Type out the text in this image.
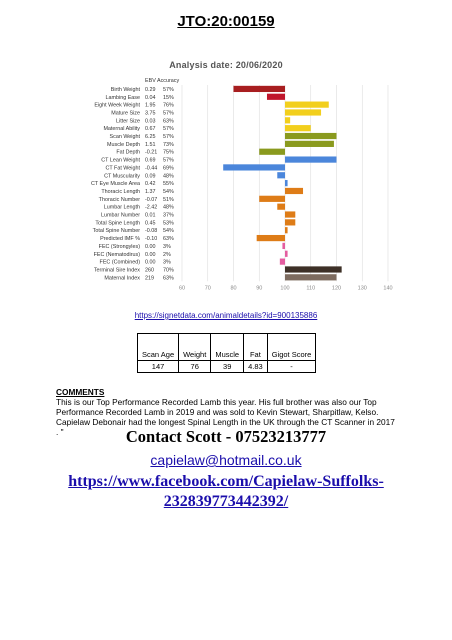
JTO:20:00159
Analysis date: 20/06/2020
EBV Accuracy
Birth Weight 0.29 57%
Lambing Ease 0.04 15%
Eight Week Weight 1.95 76%
Mature Size 3.75 57%
Litter Size 0.03 63%
Maternal Ability 0.67 57%
Scan Weight 6.25 57%
Muscle Depth 1.51 73%
Fat Depth -0.21 75%
CT Lean Weight 0.69 57%
CT Fat Weight -0.44 69%
CT Muscularity 0.09 48%
CT Eye Muscle Area 0.42 55%
Thoracic Length 1.37 54%
Thoracic Number -0.07 51%
Lumbar Length -2.42 48%
Lumbar Number 0.01 37%
Total Spine Length 0.45 53%
Total Spine Number -0.08 54%
Predicted IMF % -0.10 63%
FEC (Strongyles) 0.00 3%
FEC (Nematodirus) 0.00 2%
FEC (Combined) 0.00 3%
Terminal Sire Index 260 70%
Maternal Index 219 63%
60	70	80	90	100	110	120	130	140
https://signetdata.com/animaldetails?id=900135886
Scan Age	Weight	Muscle	Fat	Gigot Score
147	76	39	4.83	-
COMMENTS
This is our Top Performance Recorded Lamb this year. His full brother was also our Top Performance Recorded Lamb in 2019 and was sold to Kevin Stewart, Sharpitlaw, Kelso. Capielaw Debonair had the longest Spinal Length in the UK through the CT Scanner in 2017 . "	Contact Scott - 07523213777
capielaw@hotmail.co.uk
https://www.facebook.com/Capielaw-Suffolks-
232839773442392/
